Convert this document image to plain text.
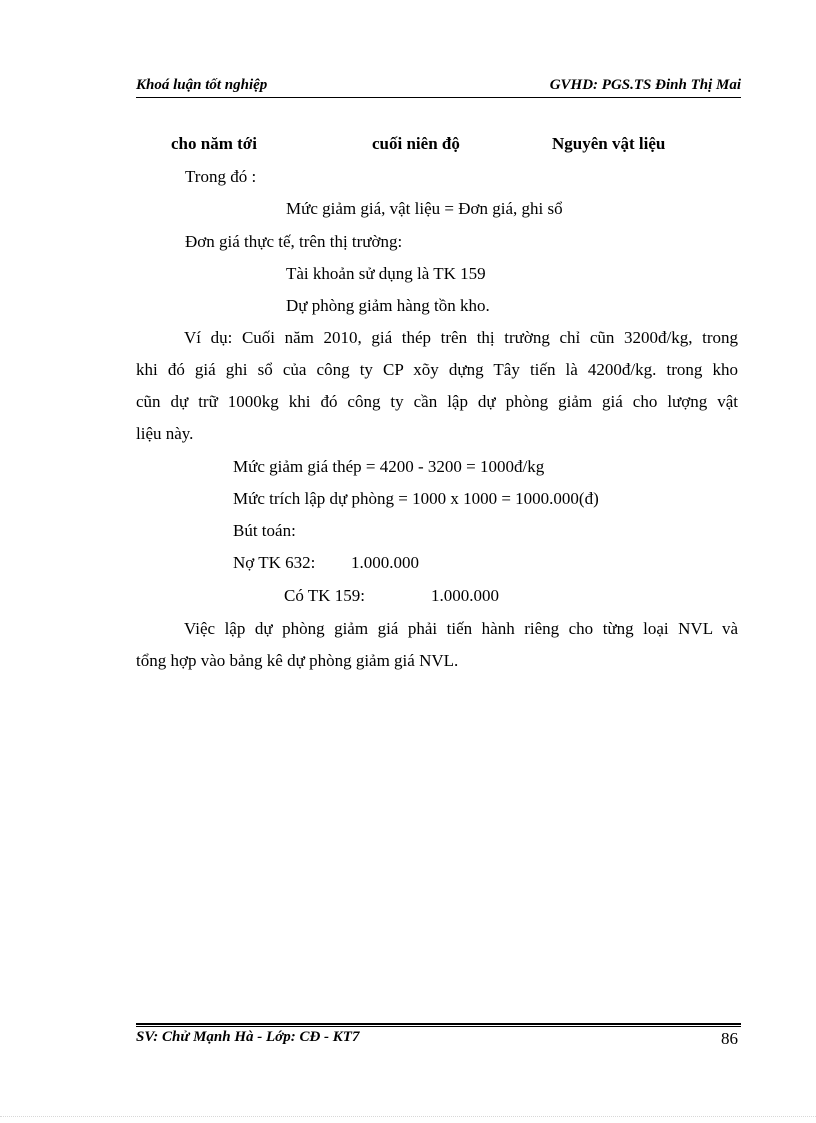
Khoá luận tốt nghiệp	GVHD: PGS.TS Đinh Thị Mai
cho năm tới	cuối niên độ	Nguyên vật liệu
Trong đó :
Mức giảm giá, vật liệu = Đơn giá, ghi sổ
Đơn giá thực tế, trên thị trường:
Tài khoản sử dụng là TK 159
Dự phòng giảm hàng tồn kho.
Ví dụ: Cuối năm 2010, giá thép trên thị trường chỉ cũn 3200đ/kg, trong
khi đó giá ghi sổ của công ty CP xõy dựng Tây tiến là 4200đ/kg. trong kho
cũn dự trữ 1000kg khi đó công ty cần lập dự phòng giảm giá cho lượng vật
liệu này.
Mức giảm giá thép = 4200 - 3200 = 1000đ/kg
Mức trích lập dự phòng = 1000 x 1000 = 1000.000(đ)
Bút toán:
Nợ TK 632: 1.000.000
Có TK 159:	1.000.000
Việc lập dự phòng giảm giá phải tiến hành riêng cho từng loại NVL và
tổng hợp vào bảng kê dự phòng giảm giá NVL.
SV: Chử Mạnh Hà - Lớp: CĐ - KT7	86
